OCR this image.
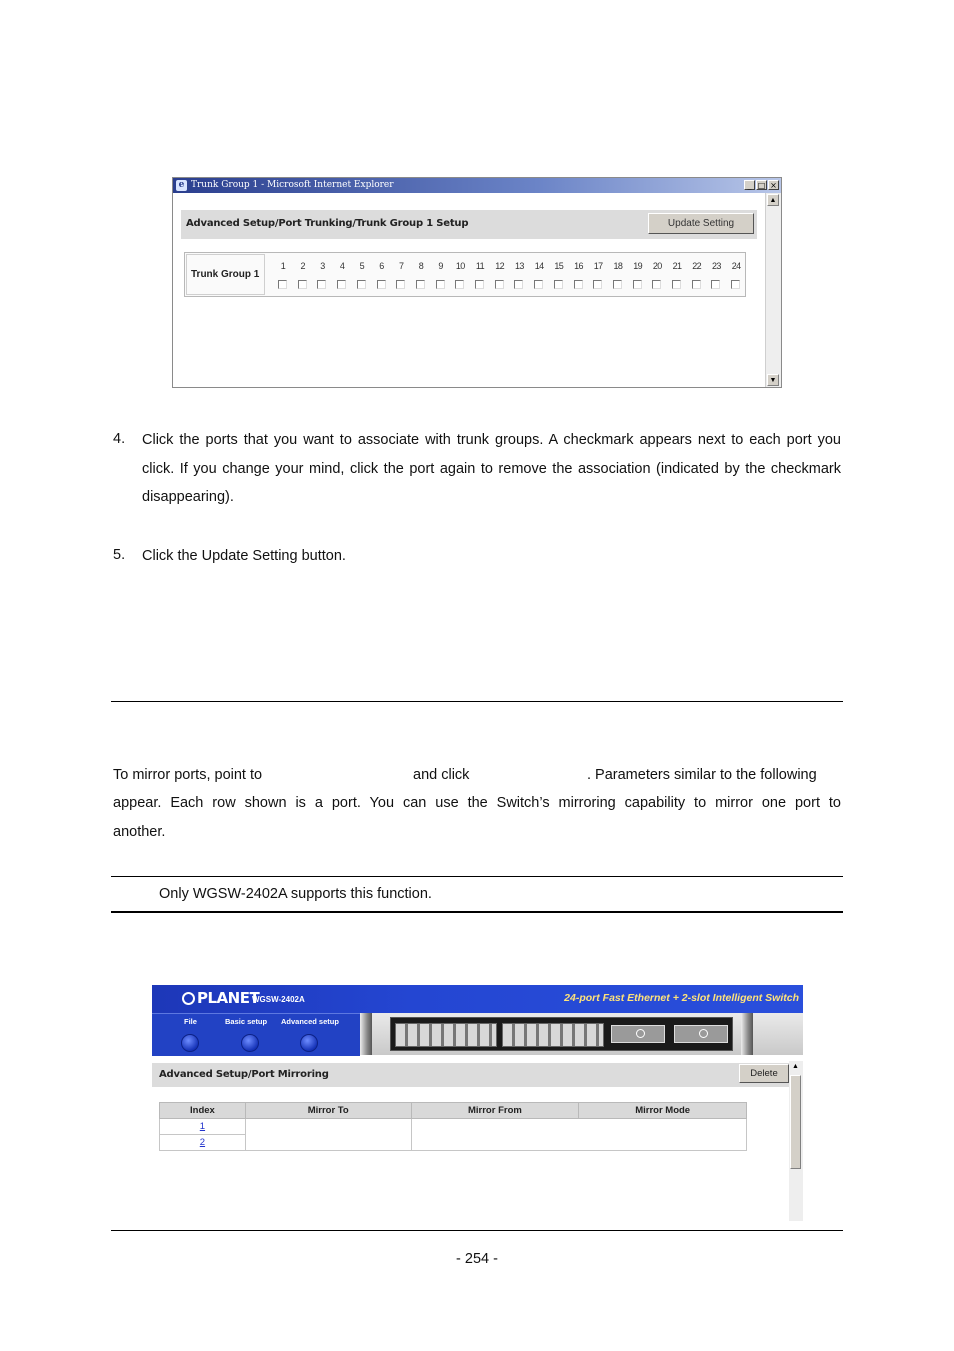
e Trunk Group 1 - Microsoft Internet Explorer	_ □ ×
▲
▼
Advanced Setup/Port Trunking/Trunk Group 1 Setup	Update Setting
Trunk Group 1
1	2	3	4	5	6	7	8	9	10	11	12 13 14 15 16 17 18 19 20 21 22 23 24
4. Click the ports that you want to associate with trunk groups. A checkmark appears next to each port you click. If you change your mind, click the port again to remove the association (indicated by the checkmark disappearing).
5. Click the Update Setting button.
To mirror ports, point to	and click	. Parameters similar to the following
appear. Each row shown is a port. You can use the Switch’s mirroring capability to mirror one port to
another.
Only WGSW-2402A supports this function.
PLANET
WGSW-2402A	24-port Fast Ethernet + 2-slot Intelligent Switch
File	Basic setup Advanced setup
Advanced Setup/Port Mirroring	Delete
▲
Index	Mirror To	Mirror From	Mirror Mode
1			
2			
- 254 -
